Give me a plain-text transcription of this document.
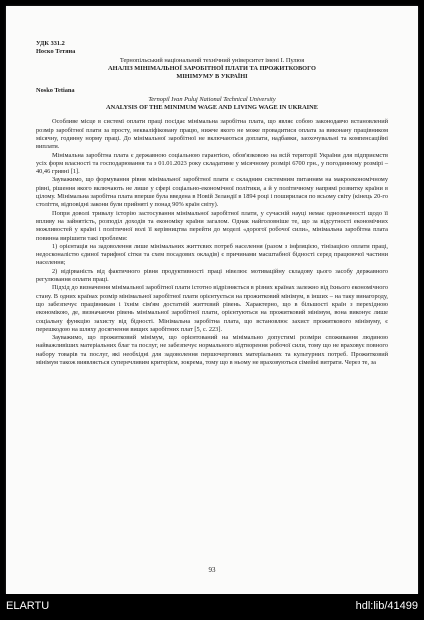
УДК 331.2

Носко Тетяна

Тернопільський національний технічний університет імені І. Пулюя

АНАЛІЗ МІНІМАЛЬНОЇ ЗАРОБІТНОЇ ПЛАТИ ТА ПРОЖИТКОВОГО

МІНІМУМУ В УКРАЇНІ

Nosko Tetiana

Ternopil Ivan Puluj National Technical University

ANALYSIS OF THE MINIMUM WAGE AND LIVING WAGE IN UKRAINE

Особливе місце в системі оплати праці посідає мінімальна заробітна плата, що являє собою законодавчо встановлений розмір заробітної плати за просту, некваліфіковану працю, нижче якого не може провадитися оплата за виконану працівником місячну, годинну норму праці. До мінімальної заробітної не включаються доплати, надбавки, заохочувальні та компенсаційні виплати.

Мінімальна заробітна плата є державною соціальною гарантією, обов'язковою на всій території України для підприємств усіх форм власності та господарювання та з 01.01.2023 року складатиме у місячному розмірі 6700 грн., у погодинному розмірі – 40,46 гривні [1].

Зауважимо, що формування рівня мінімальної заробітної плати є складним системним питанням на макроекономічному рівні, рішення якого включають не лише у сфері соціально-економічної політики, а й у політичному напрямі розвитку країни в цілому. Мінімальна заробітна плата вперше була введена в Новій Зеландії в 1894 році і поширилася по всьому світу (кінець 20-го століття, відповідні закони були прийняті у понад 90% країн світу).

Попри доволі тривалу історію застосування мінімальної заробітної плати, у сучасній науці немає однозначності щодо її впливу на зайнятість, розподіл доходів та економіку країни загалом. Однак найголовніше те, що за відсутності економічних можливостей у країні і політичної волі її керівництва перейти до моделі «дорогої робочої сили», мінімальна заробітна плата повинна вирішити такі проблеми:

1) орієнтація на задоволення лише мінімальних життєвих потреб населення (разом з інфляцією, тінізацією оплати праці, недосконалістю єдиної тарифної сітки та схем посадових окладів) є причинами масштабної бідності серед працюючої частини населення;

2) відірваність від фактичного рівня продуктивності праці нівелює мотиваційну складову цього засобу державного регулювання оплати праці.

Підхід до визначення мінімальної заробітної плати істотно відрізняється в різних країнах залежно від їхнього економічного стану. В одних країнах розмір мінімальної заробітної плати орієнтується на прожитковий мінімум, в інших – на таку винагороду, що забезпечує працівникам і їхнім сім'ям достатній життєвий рівень. Характерно, що в більшості країн з перехідною економікою, де, визначаючи рівень мінімальної заробітної плати, орієнтуються на прожитковий мінімум, вона виконує лише соціальну функцію захисту від бідності. Мінімальна заробітна плата, що встановлює захист прожиткового мінімуму, є перешкодою на шляху досягнення вищих заробітних плат [5, с. 223].

Зауважимо, що прожитковий мінімум, що орієнтований на мінімально допустимі розміри споживання людиною найважливіших матеріальних благ та послуг, не забезпечує нормального відтворення робочої сили, тому що не враховує повного набору товарів та послуг, які необхідні для задоволення першочергових матеріальних та культурних потреб. Прожитковий мінімум також виявляється суперечливим критерієм, зокрема, тому що в ньому не враховуються сімейні витрати. Через те, за

93
ELARTU	hdl:lib/41499
